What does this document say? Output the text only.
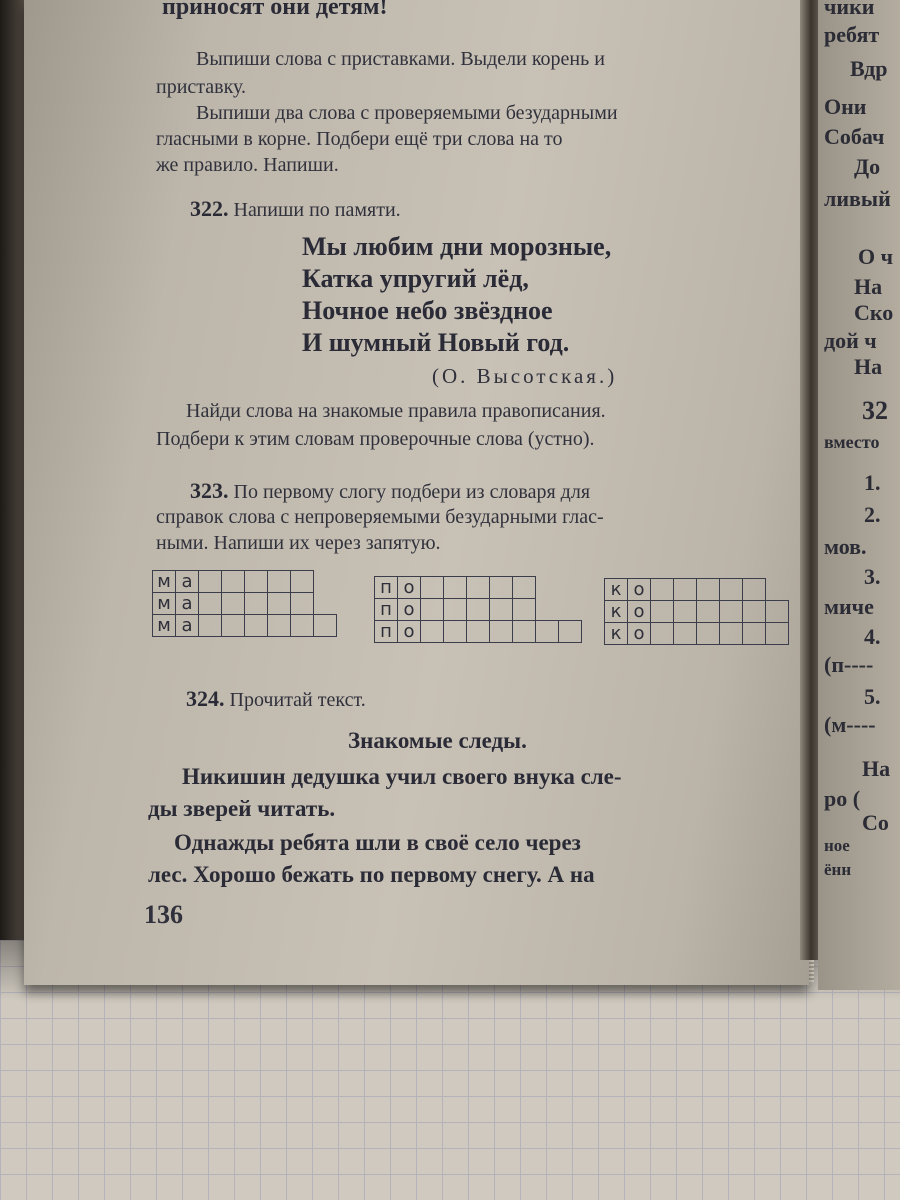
приносят они детям!
Выпиши слова с приставками. Выдели корень и
приставку.
Выпиши два слова с проверяемыми безударными
гласными в корне. Подбери ещё три слова на то
же правило. Напиши.
322. Напиши по памяти.
Мы любим дни морозные,
Катка упругий лёд,
Ночное небо звёздное
И шумный Новый год.
(О. Высотская.)
Найди слова на знакомые правила правописания.
Подбери к этим словам проверочные слова (устно).
323. По первому слогу подбери из словаря для
справок слова с непроверяемыми безударными глас-
ными. Напиши их через запятую.
м	а						
м	а						
м	а						
п	о							
п	о							
п	о							
к	о						
к	о						
к	о						
324. Прочитай текст.
Знакомые следы.
Никишин дедушка учил своего внука сле-
ды зверей читать.
Однажды ребята шли в своё село через
лес. Хорошо бежать по первому снегу. А на
136
чики
ребят
Вдр
Они
Собач
До
ливый
О ч
На
Ско
дой ч
На
32
вместо
1.
2.
мов.
3.
миче
4.
(п----
5.
(м----
На
ро (
Со
ное
ённ
